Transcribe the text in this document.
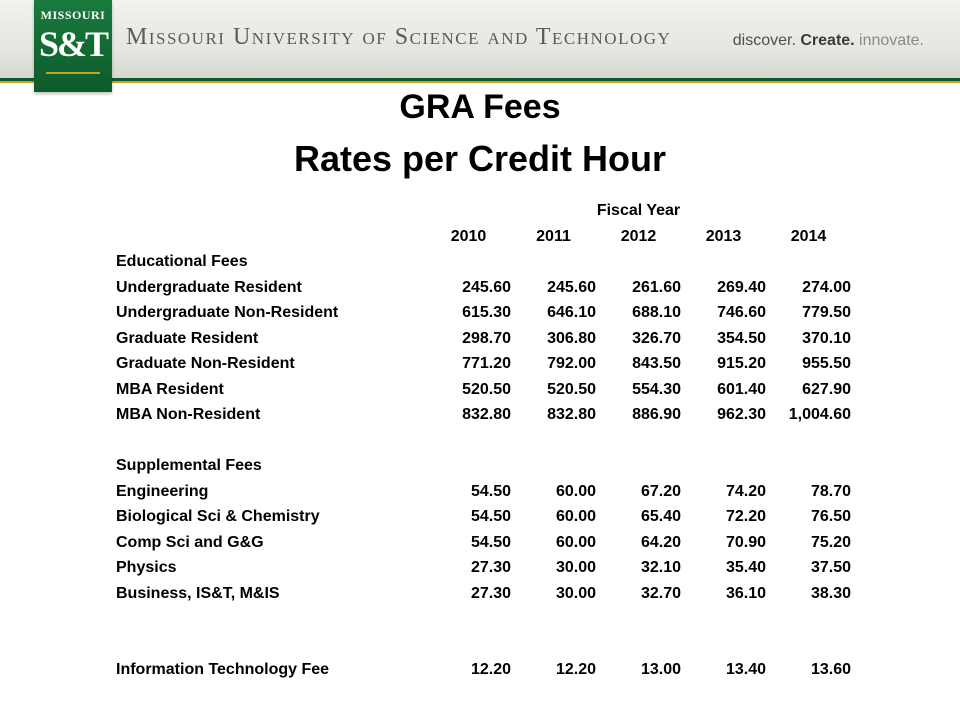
MISSOURI
S&T Missouri University of Science and Technology	discover. Create. innovate.
GRA Fees
Rates per Credit Hour
	Fiscal Year				
	2010	2011	2012	2013	2014
Educational Fees					
Undergraduate Resident	245.60	245.60	261.60	269.40	274.00
Undergraduate Non-Resident	615.30	646.10	688.10	746.60	779.50
Graduate Resident	298.70	306.80	326.70	354.50	370.10
Graduate Non-Resident	771.20	792.00	843.50	915.20	955.50
MBA Resident	520.50	520.50	554.30	601.40	627.90
MBA Non-Resident	832.80	832.80	886.90	962.30	1,004.60

Supplemental Fees					
Engineering	54.50	60.00	67.20	74.20	78.70
Biological Sci & Chemistry	54.50	60.00	65.40	72.20	76.50
Comp Sci and G&G	54.50	60.00	64.20	70.90	75.20
Physics	27.30	30.00	32.10	35.40	37.50
Business, IS&T, M&IS	27.30	30.00	32.70	36.10	38.30

Information Technology Fee	12.20	12.20	13.00	13.40	13.60
